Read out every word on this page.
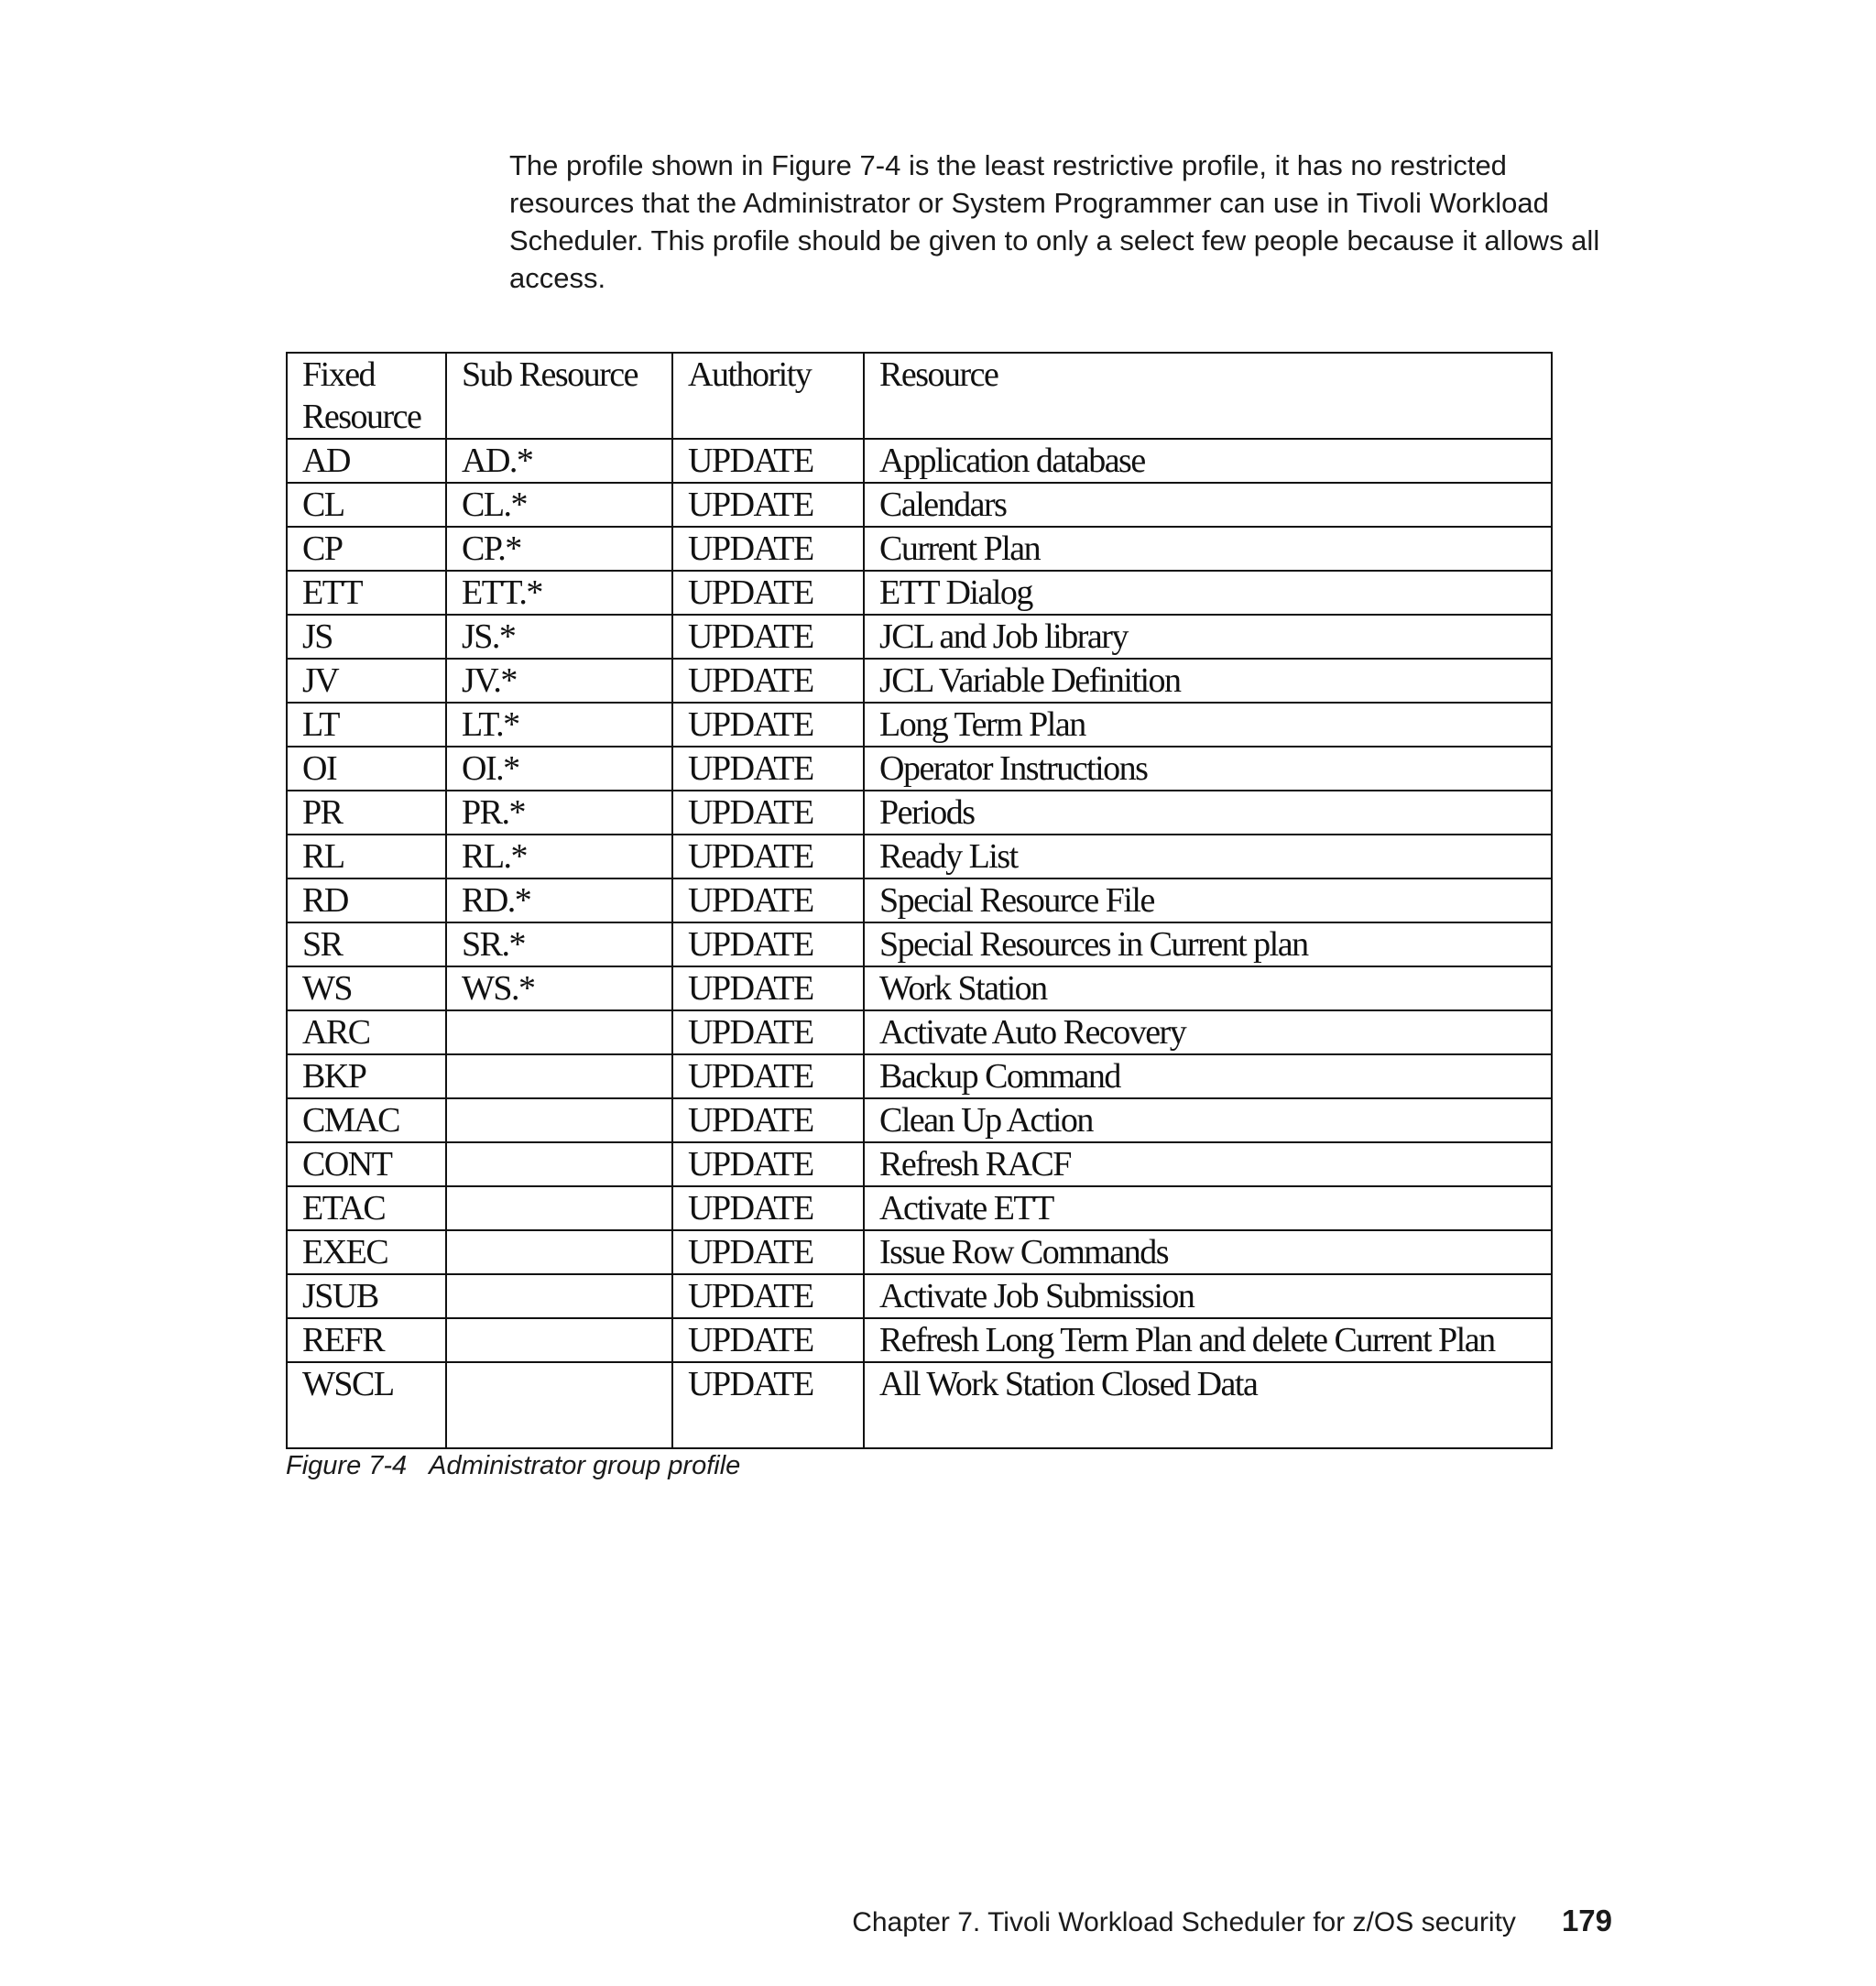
The profile shown in Figure 7-4 is the least restrictive profile, it has no restricted resources that the Administrator or System Programmer can use in Tivoli Workload Scheduler. This profile should be given to only a select few people because it allows all access.

Fixed Resource	Sub Resource	Authority	Resource
AD	AD.*	UPDATE	Application database
CL	CL.*	UPDATE	Calendars
CP	CP.*	UPDATE	Current Plan
ETT	ETT.*	UPDATE	ETT Dialog
JS	JS.*	UPDATE	JCL and Job library
JV	JV.*	UPDATE	JCL Variable Definition
LT	LT.*	UPDATE	Long Term Plan
OI	OI.*	UPDATE	Operator Instructions
PR	PR.*	UPDATE	Periods
RL	RL.*	UPDATE	Ready List
RD	RD.*	UPDATE	Special Resource File
SR	SR.*	UPDATE	Special Resources in Current plan
WS	WS.*	UPDATE	Work Station
ARC		UPDATE	Activate Auto Recovery
BKP		UPDATE	Backup Command
CMAC		UPDATE	Clean Up Action
CONT		UPDATE	Refresh RACF
ETAC		UPDATE	Activate ETT
EXEC		UPDATE	Issue Row Commands
JSUB		UPDATE	Activate Job Submission
REFR		UPDATE	Refresh Long Term Plan and delete Current Plan
WSCL		UPDATE	All Work Station Closed Data

Figure 7-4 Administrator group profile

Chapter 7. Tivoli Workload Scheduler for z/OS security 179
